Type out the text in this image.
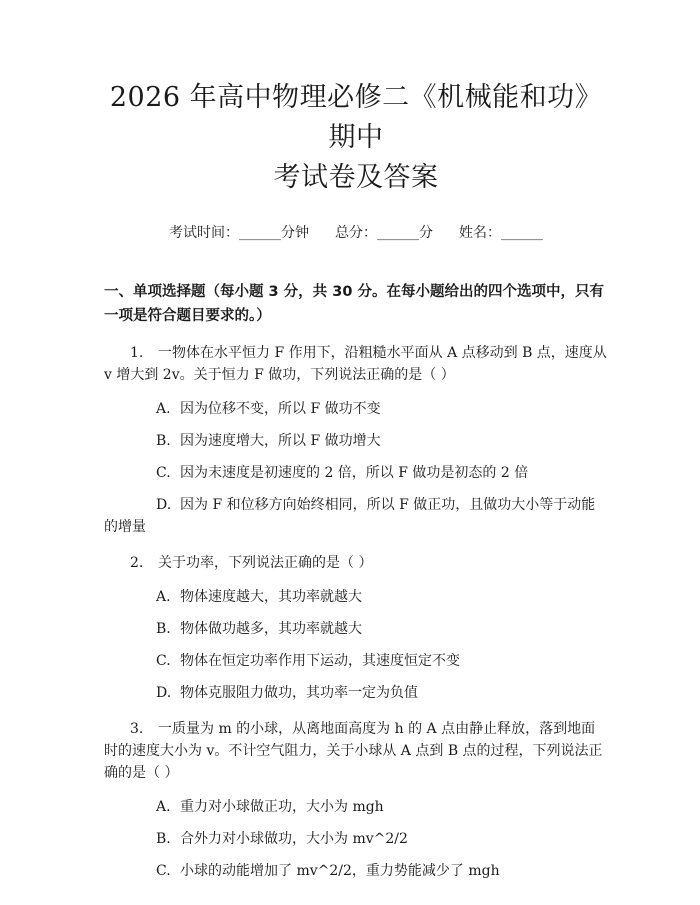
2026 年高中物理必修二《机械能和功》期中
考试卷及答案
考试时间：______分钟 总分：______分 姓名：______
一、单项选择题（每小题 3 分，共 30 分。在每小题给出的四个选项中，只有一项是符合题目要求的。）
1. 一物体在水平恒力 F 作用下，沿粗糙水平面从 A 点移动到 B 点，速度从 v 增大到 2v。关于恒力 F 做功，下列说法正确的是（ ）
A. 因为位移不变，所以 F 做功不变
B. 因为速度增大，所以 F 做功增大
C. 因为末速度是初速度的 2 倍，所以 F 做功是初态的 2 倍
D. 因为 F 和位移方向始终相同，所以 F 做正功，且做功大小等于动能的增量
2. 关于功率，下列说法正确的是（ ）
A. 物体速度越大，其功率就越大
B. 物体做功越多，其功率就越大
C. 物体在恒定功率作用下运动，其速度恒定不变
D. 物体克服阻力做功，其功率一定为负值
3. 一质量为 m 的小球，从离地面高度为 h 的 A 点由静止释放，落到地面时的速度大小为 v。不计空气阻力，关于小球从 A 点到 B 点的过程，下列说法正确的是（ ）
A. 重力对小球做正功，大小为 mgh
B. 合外力对小球做功，大小为 mv^2/2
C. 小球的动能增加了 mv^2/2，重力势能减少了 mgh
